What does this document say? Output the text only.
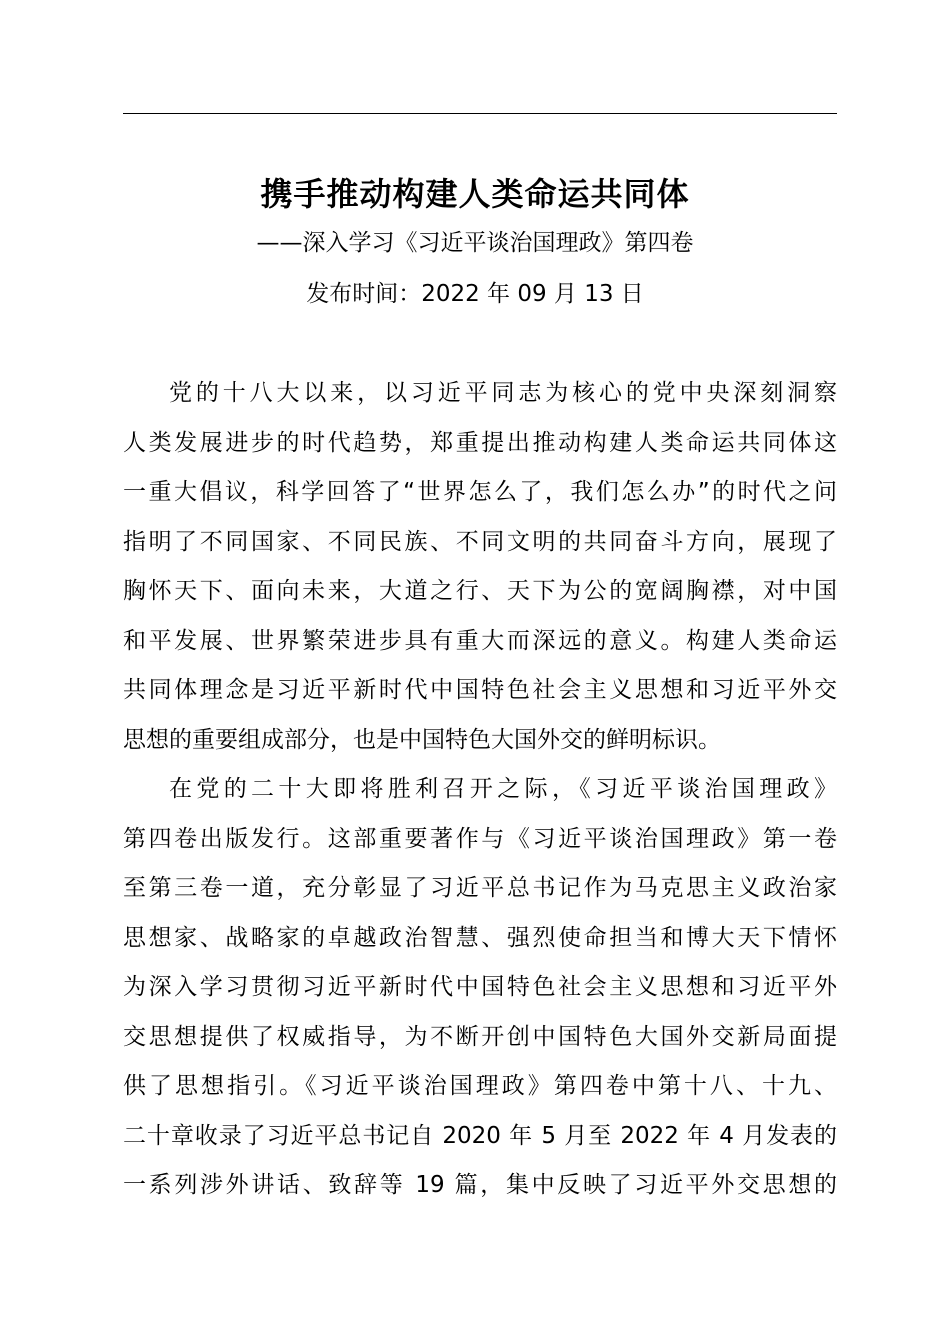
携手推动构建人类命运共同体
——深入学习《习近平谈治国理政》第四卷
发布时间：2022 年 09 月 13 日

党的十八大以来，以习近平同志为核心的党中央深刻洞察
人类发展进步的时代趋势，郑重提出推动构建人类命运共同体这
一重大倡议，科学回答了“世界怎么了，我们怎么办”的时代之问
指明了不同国家、不同民族、不同文明的共同奋斗方向，展现了
胸怀天下、面向未来，大道之行、天下为公的宽阔胸襟，对中国
和平发展、世界繁荣进步具有重大而深远的意义。构建人类命运
共同体理念是习近平新时代中国特色社会主义思想和习近平外交
思想的重要组成部分，也是中国特色大国外交的鲜明标识。

在党的二十大即将胜利召开之际，《习近平谈治国理政》
第四卷出版发行。这部重要著作与《习近平谈治国理政》第一卷
至第三卷一道，充分彰显了习近平总书记作为马克思主义政治家
思想家、战略家的卓越政治智慧、强烈使命担当和博大天下情怀
为深入学习贯彻习近平新时代中国特色社会主义思想和习近平外
交思想提供了权威指导，为不断开创中国特色大国外交新局面提
供了思想指引。《习近平谈治国理政》第四卷中第十八、十九、
二十章收录了习近平总书记自 2020 年 5 月至 2022 年 4 月发表的
一系列涉外讲话、致辞等 19 篇，集中反映了习近平外交思想的
